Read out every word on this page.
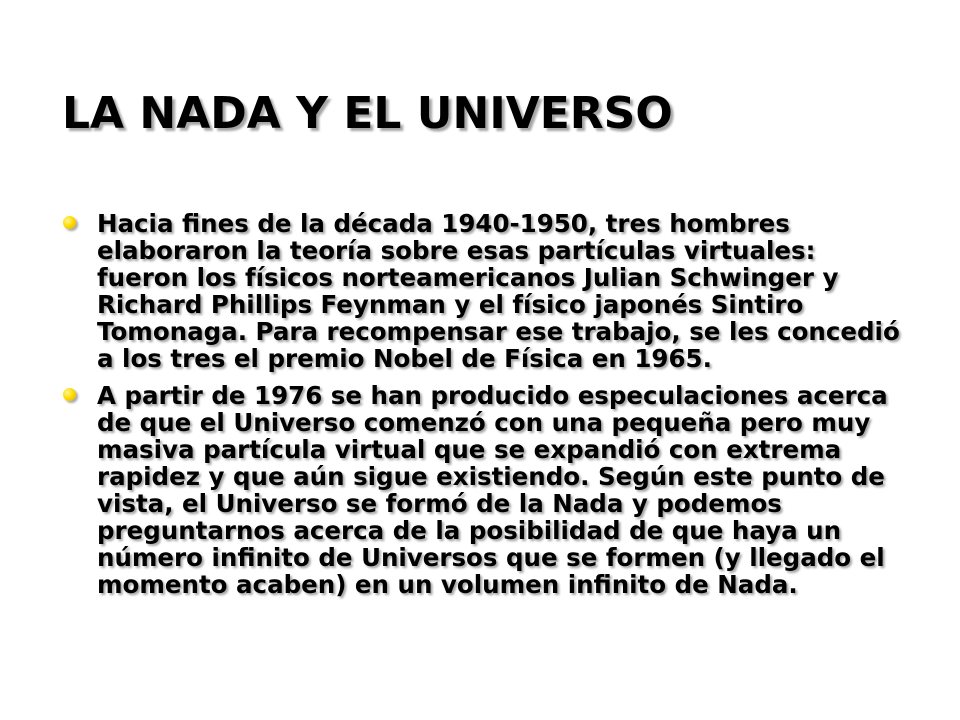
LA NADA Y EL UNIVERSO
Hacia fines de la década 1940-1950, tres hombres elaboraron la teoría sobre esas partículas virtuales: fueron los físicos norteamericanos Julian Schwinger y Richard Phillips Feynman y el físico japonés Sintiro Tomonaga. Para recompensar ese trabajo, se les concedió a los tres el premio Nobel de Física en 1965.
A partir de 1976 se han producido especulaciones acerca de que el Universo comenzó con una pequeña pero muy masiva partícula virtual que se expandió con extrema rapidez y que aún sigue existiendo. Según este punto de vista, el Universo se formó de la Nada y podemos preguntarnos acerca de la posibilidad de que haya un número infinito de Universos que se formen (y llegado el momento acaben) en un volumen infinito de Nada.
